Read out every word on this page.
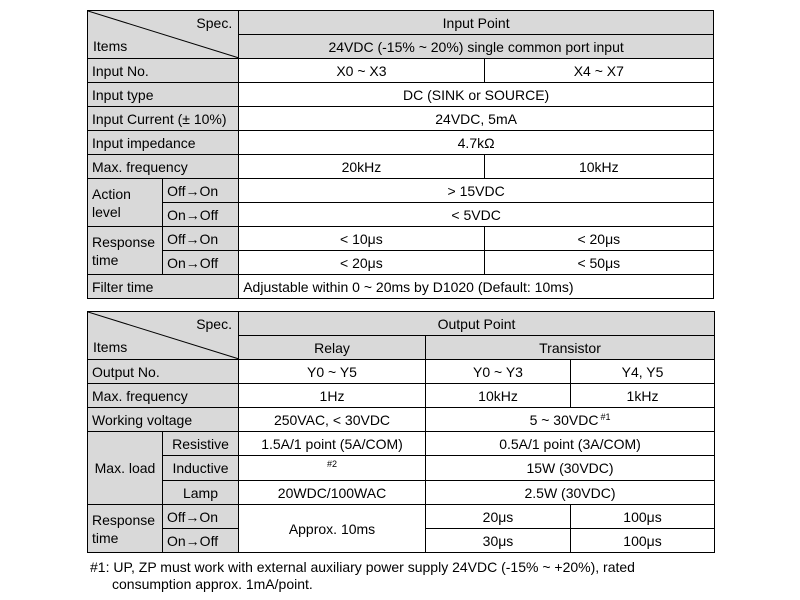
Spec.
Items		Input Point	
		24VDC (-15% ~ 20%) single common port input	
Input No.		X0 ~ X3	X4 ~ X7
Input type		DC (SINK or SOURCE)	
Input Current (± 10%)		24VDC, 5mA	
Input impedance		4.7kΩ	
Max. frequency		20kHz	10kHz
Action level	Off→On	> 15VDC	
	On→Off	< 5VDC	
Response time	Off→On	< 10μs	< 20μs
	On→Off	< 20μs	< 50μs
Filter time		Adjustable within 0 ~ 20ms by D1020 (Default: 10ms)	
Spec.
Items		Output Point		
		Relay	Transistor	
Output No.		Y0 ~ Y5	Y0 ~ Y3	Y4, Y5
Max. frequency		1Hz	10kHz	1kHz
Working voltage		250VAC, < 30VDC	5 ~ 30VDC $^{\#1}$
Max. load	Resistive	1.5A/1 point (5A/COM)	0.5A/1 point (3A/COM)	
	Inductive	#2	15W (30VDC)	
	Lamp	20WDC/100WAC	2.5W (30VDC)	
Response time	Off→On	Approx. 10ms	20μs	100μs
	On→Off		30μs	100μs
#1: UP, ZP must work with external auxiliary power supply 24VDC (-15% ~ +20%), rated
consumption approx. 1mA/point.
